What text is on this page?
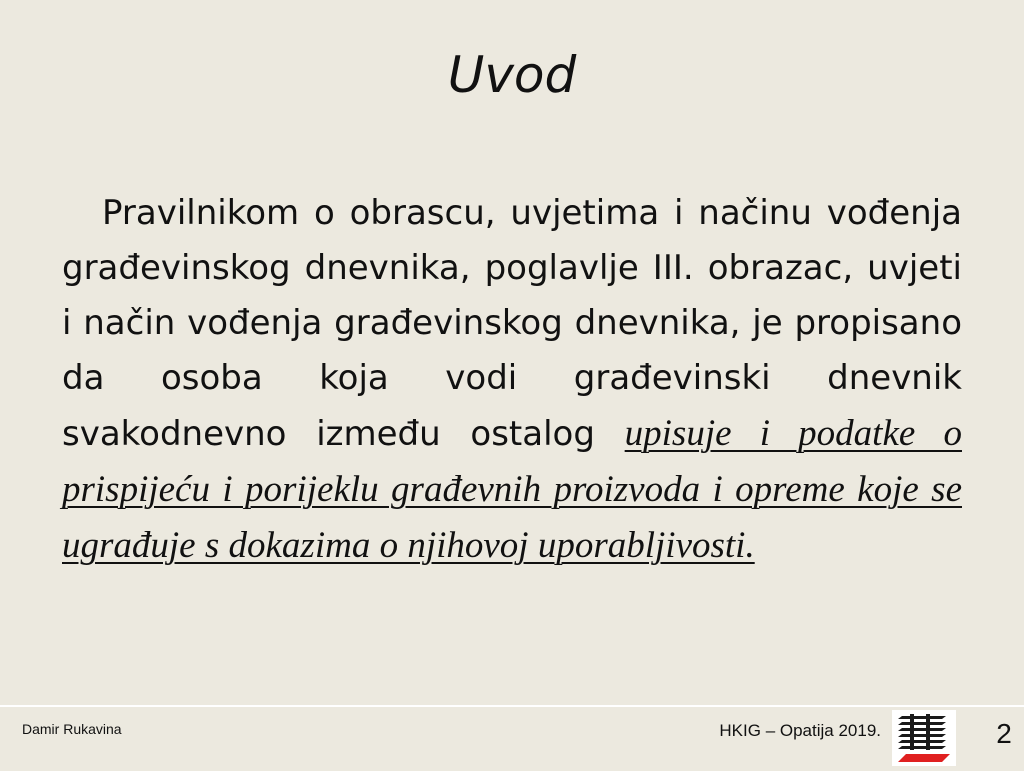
Uvod
Pravilnikom o obrascu, uvjetima i načinu vođenja građevinskog dnevnika, poglavlje III. obrazac, uvjeti i način vođenja građevinskog dnevnika, je propisano da osoba koja vodi građevinski dnevnik svakodnevno između ostalog upisuje i podatke o prispijeću i porijeklu građevnih proizvoda i opreme koje se ugrađuje s dokazima o njihovoj uporabljivosti.
Damir Rukavina	HKIG – Opatija 2019.	2
